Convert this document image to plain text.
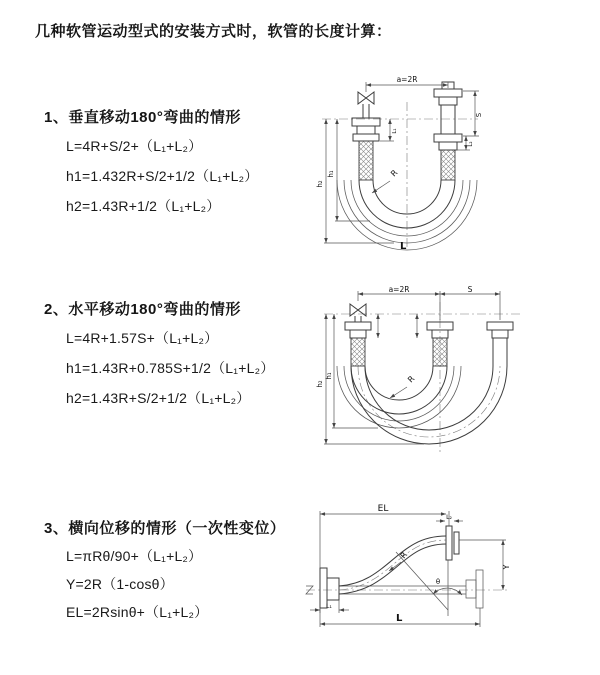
几种软管运动型式的安装方式时，软管的长度计算：
1、垂直移动180°弯曲的情形
L=4R+S/2+（L₁+L₂）
h1=1.432R+S/2+1/2（L₁+L₂）
h2=1.43R+1/2（L₁+L₂）
2、水平移动180°弯曲的情形
L=4R+1.57S+（L₁+L₂）
h1=1.43R+0.785S+1/2（L₁+L₂）
h2=1.43R+S/2+1/2（L₁+L₂）
3、横向位移的情形（一次性变位）
L=πRθ/90+（L₁+L₂）
Y=2R（1-cosθ）
EL=2Rsinθ+（L₁+L₂）
a=2R
h₂
h₁
L₁
S
L₂
R
L
a=2R	S
h₂
h₁	R
EL
L₂
Y
L
L₁
R
θ
